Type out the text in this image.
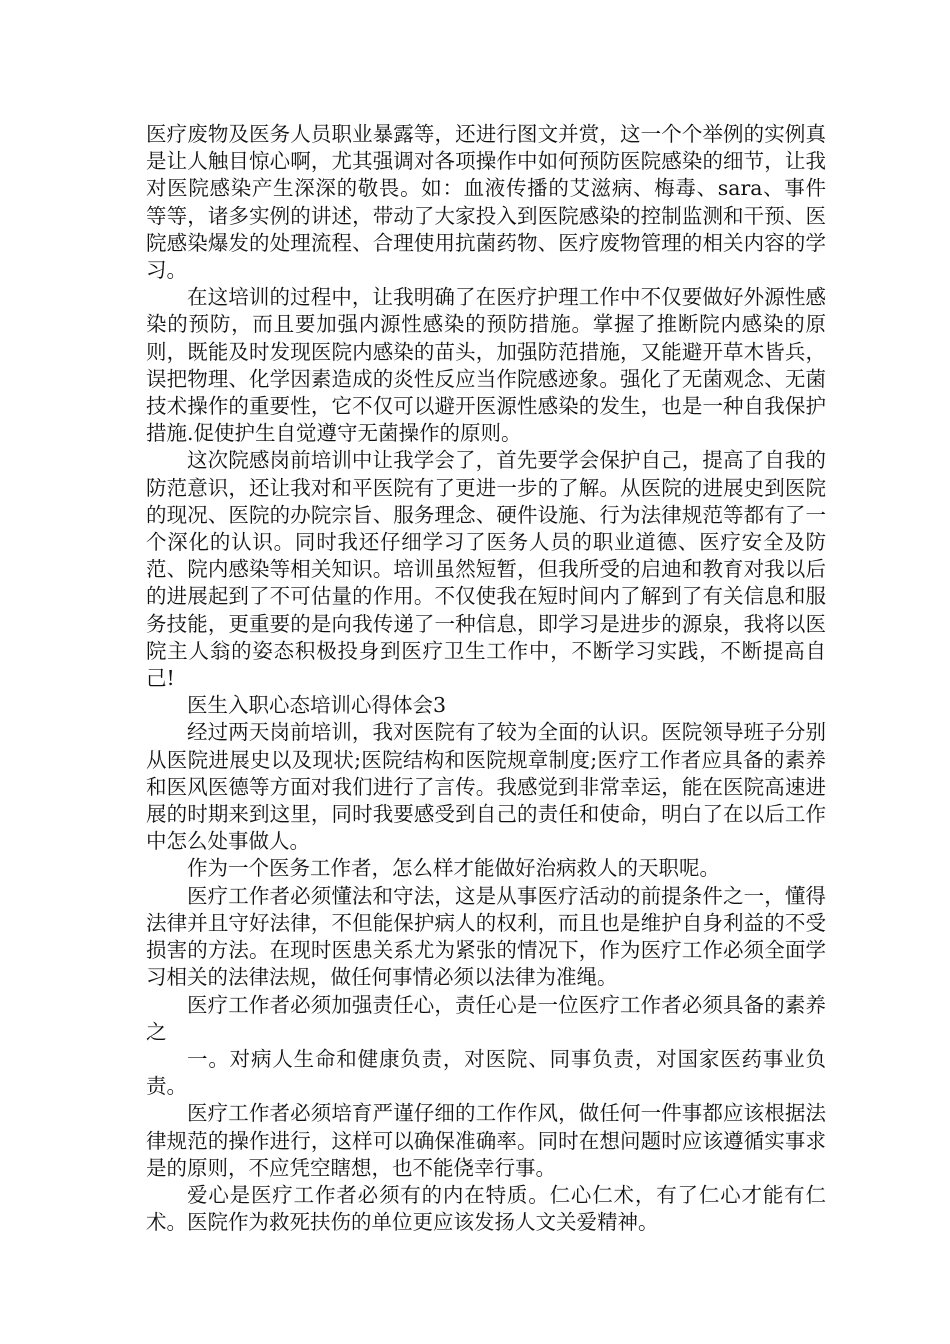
医疗废物及医务人员职业暴露等，还进行图文并赏，这一个个举例的实例真是让人触目惊心啊，尤其强调对各项操作中如何预防医院感染的细节，让我对医院感染产生深深的敬畏。如：血液传播的艾滋病、梅毒、sara、事件等等，诸多实例的讲述，带动了大家投入到医院感染的控制监测和干预、医院感染爆发的处理流程、合理使用抗菌药物、医疗废物管理的相关内容的学习。

在这培训的过程中，让我明确了在医疗护理工作中不仅要做好外源性感染的预防，而且要加强内源性感染的预防措施。掌握了推断院内感染的原则，既能及时发现医院内感染的苗头，加强防范措施，又能避开草木皆兵，误把物理、化学因素造成的炎性反应当作院感迹象。强化了无菌观念、无菌技术操作的重要性，它不仅可以避开医源性感染的发生，也是一种自我保护措施.促使护生自觉遵守无菌操作的原则。

这次院感岗前培训中让我学会了，首先要学会保护自己，提高了自我的防范意识，还让我对和平医院有了更进一步的了解。从医院的进展史到医院的现况、医院的办院宗旨、服务理念、硬件设施、行为法律规范等都有了一个深化的认识。同时我还仔细学习了医务人员的职业道德、医疗安全及防范、院内感染等相关知识。培训虽然短暂，但我所受的启迪和教育对我以后的进展起到了不可估量的作用。不仅使我在短时间内了解到了有关信息和服务技能，更重要的是向我传递了一种信息，即学习是进步的源泉，我将以医院主人翁的姿态积极投身到医疗卫生工作中，不断学习实践，不断提高自己!

医生入职心态培训心得体会3

经过两天岗前培训，我对医院有了较为全面的认识。医院领导班子分别从医院进展史以及现状;医院结构和医院规章制度;医疗工作者应具备的素养和医风医德等方面对我们进行了言传。我感觉到非常幸运，能在医院高速进展的时期来到这里，同时我要感受到自己的责任和使命，明白了在以后工作中怎么处事做人。

作为一个医务工作者，怎么样才能做好治病救人的天职呢。

医疗工作者必须懂法和守法，这是从事医疗活动的前提条件之一，懂得法律并且守好法律，不但能保护病人的权利，而且也是维护自身利益的不受损害的方法。在现时医患关系尤为紧张的情况下，作为医疗工作必须全面学习相关的法律法规，做任何事情必须以法律为准绳。

医疗工作者必须加强责任心，责任心是一位医疗工作者必须具备的素养之

一。对病人生命和健康负责，对医院、同事负责，对国家医药事业负责。

医疗工作者必须培育严谨仔细的工作作风，做任何一件事都应该根据法律规范的操作进行，这样可以确保准确率。同时在想问题时应该遵循实事求是的原则，不应凭空瞎想，也不能侥幸行事。

爱心是医疗工作者必须有的内在特质。仁心仁术，有了仁心才能有仁术。医院作为救死扶伤的单位更应该发扬人文关爱精神。
